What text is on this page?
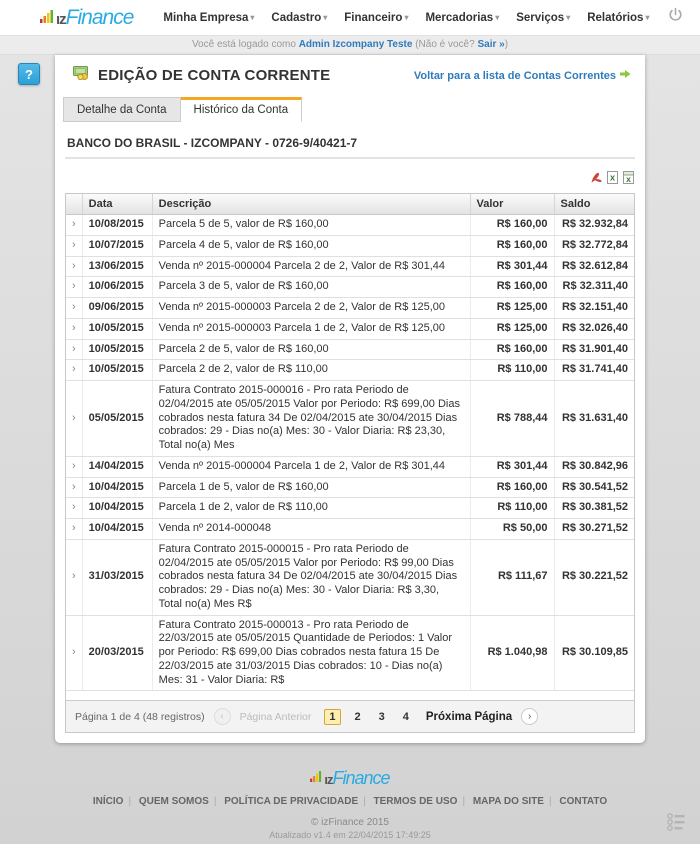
ız Finance	Minha Empresa ▾ Cadastro ▾ Financeiro ▾ Mercadorias ▾ Serviços ▾ Relatórios ▾
Você está logado como Admin Izcompany Teste (Não é você? Sair »)
?	EDIÇÃO DE CONTA CORRENTE	Voltar para a lista de Contas Correntes
Detalhe da Conta	Histórico da Conta
BANCO DO BRASIL - IZCOMPANY - 0726-9/40421-7
x x
	Data	Descrição	Valor	Saldo
›	10/08/2015	Parcela 5 de 5, valor de R$ 160,00	R$ 160,00	R$ 32.932,84
›	10/07/2015	Parcela 4 de 5, valor de R$ 160,00	R$ 160,00	R$ 32.772,84
›	13/06/2015	Venda nº 2015-000004 Parcela 2 de 2, Valor de R$ 301,44	R$ 301,44	R$ 32.612,84
›	10/06/2015	Parcela 3 de 5, valor de R$ 160,00	R$ 160,00	R$ 32.311,40
›	09/06/2015	Venda nº 2015-000003 Parcela 2 de 2, Valor de R$ 125,00	R$ 125,00	R$ 32.151,40
›	10/05/2015	Venda nº 2015-000003 Parcela 1 de 2, Valor de R$ 125,00	R$ 125,00	R$ 32.026,40
›	10/05/2015	Parcela 2 de 5, valor de R$ 160,00	R$ 160,00	R$ 31.901,40
›	10/05/2015	Parcela 2 de 2, valor de R$ 110,00	R$ 110,00	R$ 31.741,40
›	05/05/2015	Fatura Contrato 2015-000016 - Pro rata Periodo de 02/04/2015 ate 05/05/2015 Valor por Periodo: R$ 699,00 Dias cobrados nesta fatura 34 De 02/04/2015 ate 30/04/2015 Dias cobrados: 29 - Dias no(a) Mes: 30 - Valor Diaria: R$ 23,30, Total no(a) Mes	R$ 788,44	R$ 31.631,40
›	14/04/2015	Venda nº 2015-000004 Parcela 1 de 2, Valor de R$ 301,44	R$ 301,44	R$ 30.842,96
›	10/04/2015	Parcela 1 de 5, valor de R$ 160,00	R$ 160,00	R$ 30.541,52
›	10/04/2015	Parcela 1 de 2, valor de R$ 110,00	R$ 110,00	R$ 30.381,52
›	10/04/2015	Venda nº 2014-000048	R$ 50,00	R$ 30.271,52
›	31/03/2015	Fatura Contrato 2015-000015 - Pro rata Periodo de 02/04/2015 ate 05/05/2015 Valor por Periodo: R$ 99,00 Dias cobrados nesta fatura 34 De 02/04/2015 ate 30/04/2015 Dias cobrados: 29 - Dias no(a) Mes: 30 - Valor Diaria: R$ 3,30, Total no(a) Mes R$	R$ 111,67	R$ 30.221,52
›	20/03/2015	Fatura Contrato 2015-000013 - Pro rata Periodo de 22/03/2015 ate 05/05/2015 Quantidade de Periodos: 1 Valor por Periodo: R$ 699,00 Dias cobrados nesta fatura 15 De 22/03/2015 ate 31/03/2015 Dias cobrados: 10 - Dias no(a) Mes: 31 - Valor Diaria: R$	R$ 1.040,98	R$ 30.109,85
Página 1 de 4 (48 registros)	‹	Página Anterior	1	2	3	4	Próxima Página	›
ız Finance
INÍCIO | QUEM SOMOS | POLÍTICA DE PRIVACIDADE | TERMOS DE USO | MAPA DO SITE | CONTATO
© izFinance 2015
Atualizado v1.4 em 22/04/2015 17:49:25
